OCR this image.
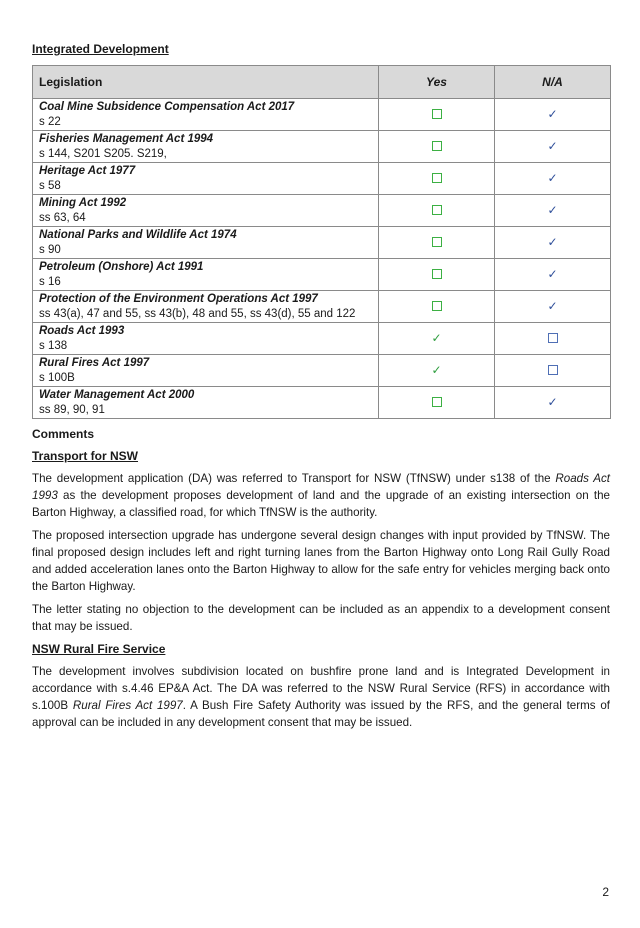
Integrated Development

Legislation	Yes	N/A

Coal Mine Subsidence Compensation Act 2017
s 22		✓

Fisheries Management Act 1994
s 144, S201 S205. S219,		✓

Heritage Act 1977
s 58		✓

Mining Act 1992
ss 63, 64		✓

National Parks and Wildlife Act 1974
s 90		✓

Petroleum (Onshore) Act 1991
s 16		✓

Protection of the Environment Operations Act 1997
ss 43(a), 47 and 55, ss 43(b), 48 and 55, ss 43(d), 55 and 122		✓

Roads Act 1993
s 138	✓	

Rural Fires Act 1997
s 100B	✓	

Water Management Act 2000
ss 89, 90, 91		✓

Comments

Transport for NSW

The development application (DA) was referred to Transport for NSW (TfNSW) under s138 of the Roads Act 1993 as the development proposes development of land and the upgrade of an existing intersection on the Barton Highway, a classified road, for which TfNSW is the authority.

The proposed intersection upgrade has undergone several design changes with input provided by TfNSW. The final proposed design includes left and right turning lanes from the Barton Highway onto Long Rail Gully Road and added acceleration lanes onto the Barton Highway to allow for the safe entry for vehicles merging back onto the Barton Highway.

The letter stating no objection to the development can be included as an appendix to a development consent that may be issued.

NSW Rural Fire Service

The development involves subdivision located on bushfire prone land and is Integrated Development in accordance with s.4.46 EP&A Act. The DA was referred to the NSW Rural Service (RFS) in accordance with s.100B Rural Fires Act 1997. A Bush Fire Safety Authority was issued by the RFS, and the general terms of approval can be included in any development consent that may be issued.

2
